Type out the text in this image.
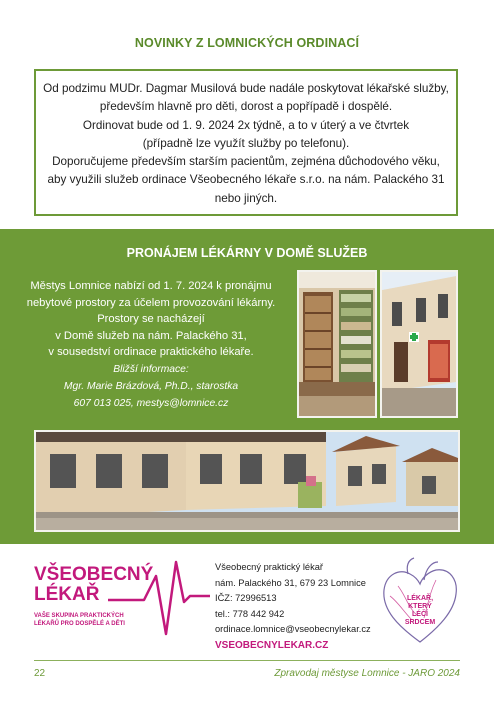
NOVINKY Z LOMNICKÝCH ORDINACÍ
Od podzimu MUDr. Dagmar Musilová bude nadále poskytovat lékařské služby,
především hlavně pro děti, dorost a popřípadě i dospělé.
Ordinovat bude od 1. 9. 2024 2x týdně, a to v úterý a ve čtvrtek
(případně lze využít služby po telefonu).
Doporučujeme především starším pacientům, zejména důchodového věku,
aby využili služeb ordinace Všeobecného lékaře s.r.o. na nám. Palackého 31
nebo jiných.
PRONÁJEM LÉKÁRNY V DOMĚ SLUŽEB
Městys Lomnice nabízí od 1. 7. 2024 k pronájmu
nebytové prostory za účelem provozování lékárny.
Prostory se nacházejí
v Domě služeb na nám. Palackého 31,
v sousedství ordinace praktického lékaře.
Bližší informace:
Mgr. Marie Brázdová, Ph.D., starostka
607 013 025, mestys@lomnice.cz
VŠEOBECNÝ
LÉKAŘ
VAŠE SKUPINA PRAKTICKÝCH
LÉKAŘŮ PRO DOSPĚLÉ A DĚTI
Všeobecný praktický lékař
nám. Palackého 31, 679 23 Lomnice
IČZ: 72996513
tel.: 778 442 942
ordinace.lomnice@vseobecnylekar.cz
VSEOBECNYLEKAR.CZ
LÉKAŘ,
KTERÝ
LÉČÍ
SRDCEM
22	Zpravodaj městyse Lomnice - JARO 2024
